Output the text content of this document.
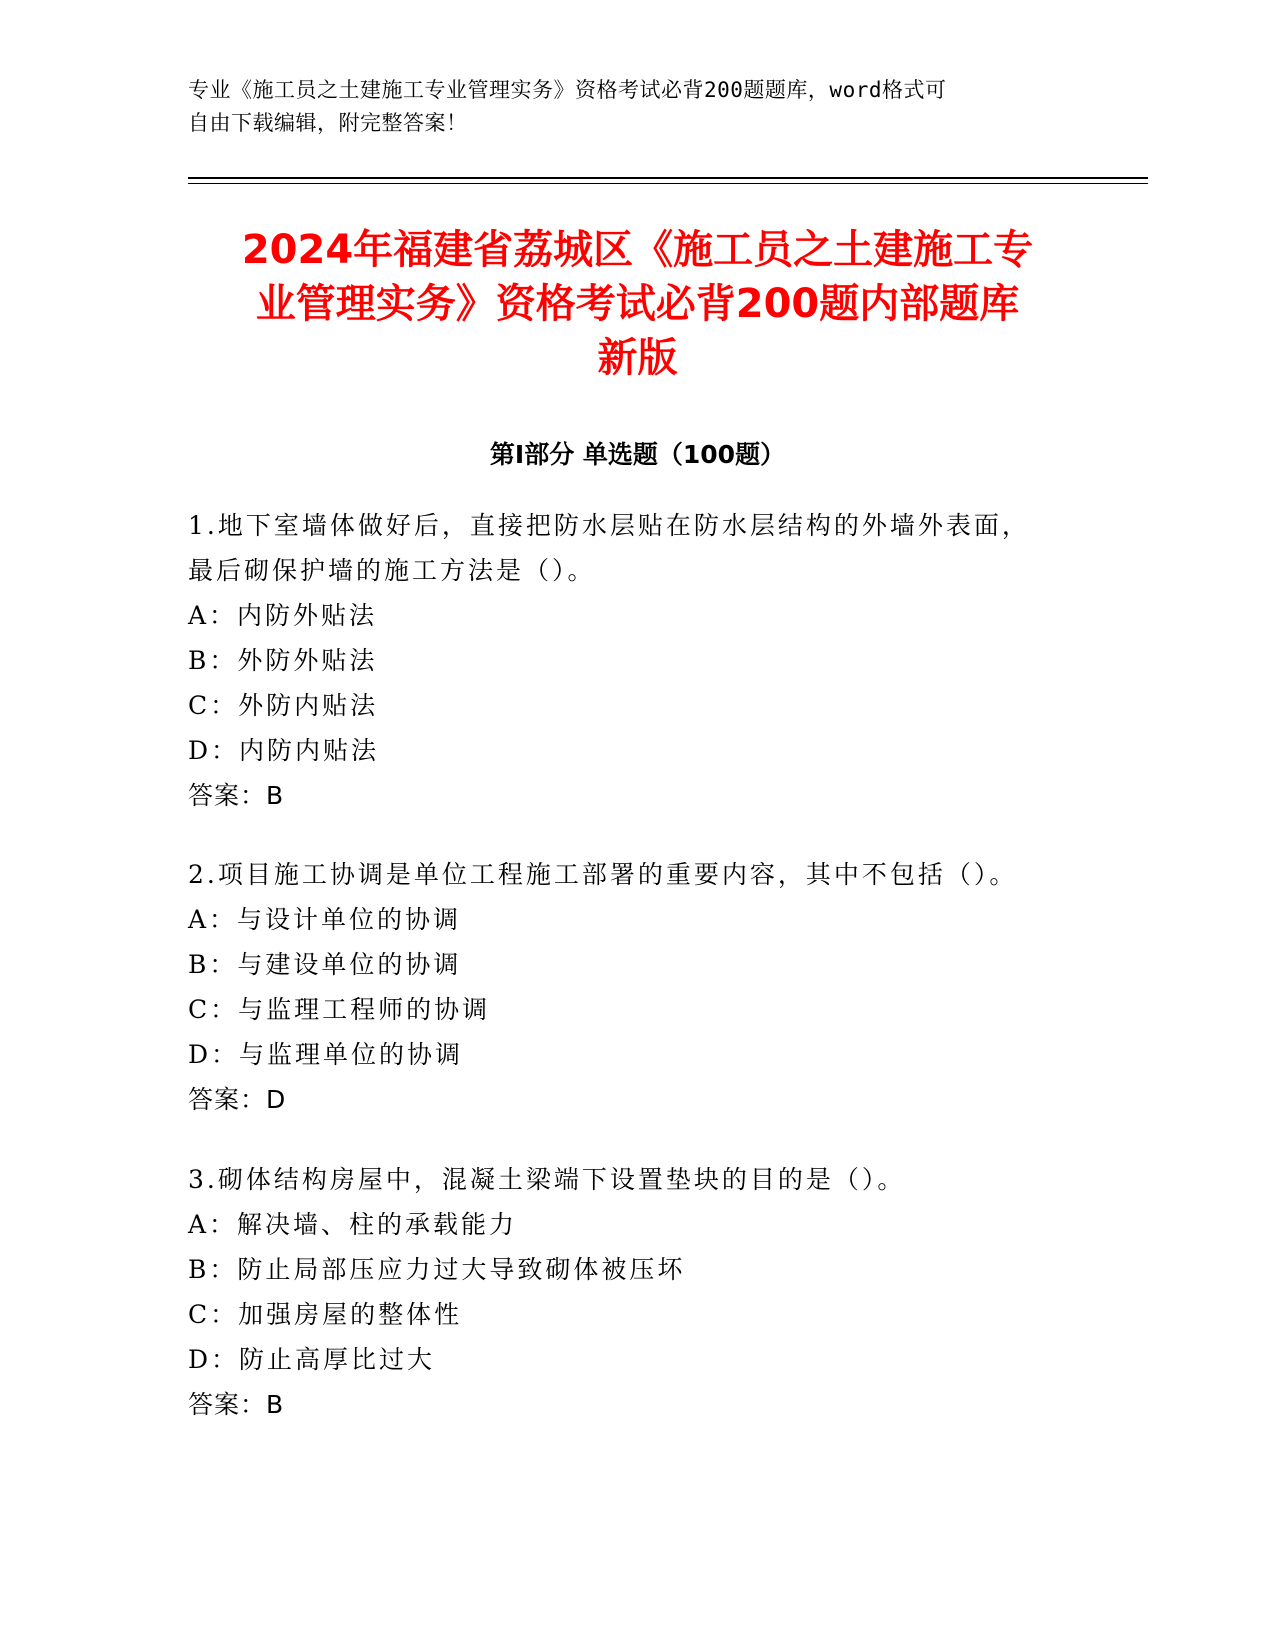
专业《施工员之土建施工专业管理实务》资格考试必背200题题库，word格式可
自由下载编辑，附完整答案！
2024年福建省荔城区《施工员之土建施工专
业管理实务》资格考试必背200题内部题库
新版
第Ⅰ部分 单选题（100题）
1.地下室墙体做好后，直接把防水层贴在防水层结构的外墙外表面，
最后砌保护墙的施工方法是（）。
A：内防外贴法
B：外防外贴法
C：外防内贴法
D：内防内贴法
答案：B
2.项目施工协调是单位工程施工部署的重要内容，其中不包括（）。
A：与设计单位的协调
B：与建设单位的协调
C：与监理工程师的协调
D：与监理单位的协调
答案：D
3.砌体结构房屋中，混凝土梁端下设置垫块的目的是（）。
A：解决墙、柱的承载能力
B：防止局部压应力过大导致砌体被压坏
C：加强房屋的整体性
D：防止高厚比过大
答案：B
